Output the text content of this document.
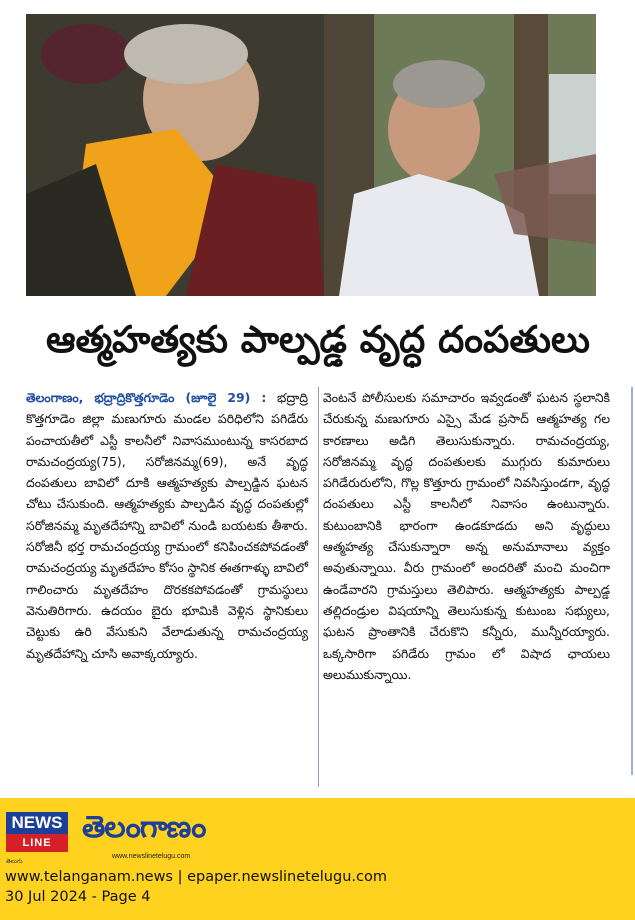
ఆత్మహత్యకు పాల్పడ్డ వృద్ధ దంపతులు
తెలంగాణం, భద్రాద్రికొత్తగూడెం (జూలై 29) : భద్రాద్రి కొత్తగూడెం జిల్లా మణుగూరు మండల పరిధిలోని పగిడేరు పంచాయతీలో ఎస్టీ కాలనీలో నివాసముంటున్న కాసరబాద రామచంద్రయ్య(75), సరోజినమ్మ(69), అనే వృద్ధ దంపతులు బావిలో దూకి ఆత్మహత్యకు పాల్పడ్డిన ఘటన చోటు చేసుకుంది. ఆత్మహత్యకు పాల్పడిన వృద్ధ దంపతుల్లో సరోజినమ్మ మృతదేహాన్ని బావిలో నుండి బయటకు తీశారు. సరోజినీ భర్త రామచంద్రయ్య గ్రామంలో కనిపించకపోవడంతో రామచంద్రయ్య మృతదేహం కోసం స్థానిక ఈతగాళ్ళు బావిలో గాలించారు మృతదేహం దొరకకపోవడంతో గ్రామస్థులు వెనుతిరిగారు. ఉదయం బైరు భూమికి వెళ్లిన స్థానికులు చెట్టుకు ఉరి వేసుకుని వేలాడుతున్న రామచంద్రయ్య మృతదేహాన్ని చూసి అవాక్కయ్యారు.
వెంటనే పోలీసులకు సమాచారం ఇవ్వడంతో ఘటన స్థలానికి చేరుకున్న మణుగూరు ఎస్సై మేడ ప్రసాద్ ఆత్మహత్య గల కారణాలు అడిగి తెలుసుకున్నారు. రామచంద్రయ్య, సరోజినమ్మ వృద్ధ దంపతులకు ముగ్గురు కుమారులు పగిడేరురులోని, గొల్ల కొత్తూరు గ్రామంలో నివసిస్తుండగా, వృద్ధ దంపతులు ఎస్టీ కాలనీలో నివాసం ఉంటున్నారు. కుటుంబానికి భారంగా ఉండకూడదు అని వృద్ధులు ఆత్మహత్య చేసుకున్నారా అన్న అనుమానాలు వ్యక్తం అవుతున్నాయి. వీరు గ్రామంలో అందరితో మంచి మంచిగా ఉండేవారని గ్రామస్తులు తెలిపారు. ఆత్మహత్యకు పాల్పడ్డ తల్లిదండ్రుల విషయాన్ని తెలుసుకున్న కుటుంబ సభ్యులు, ఘటన ప్రాంతానికి చేరుకొని కన్నీరు, మున్నీరయ్యారు. ఒక్కసారిగా పగిడేరు గ్రామం లో విషాద ఛాయలు అలుముకున్నాయి.
NEWS
LINE
తెలుగు
తెలంగాణం
www.newslinetelugu.com
www.telanganam.news | epaper.newslinetelugu.com
30 Jul 2024 - Page 4
